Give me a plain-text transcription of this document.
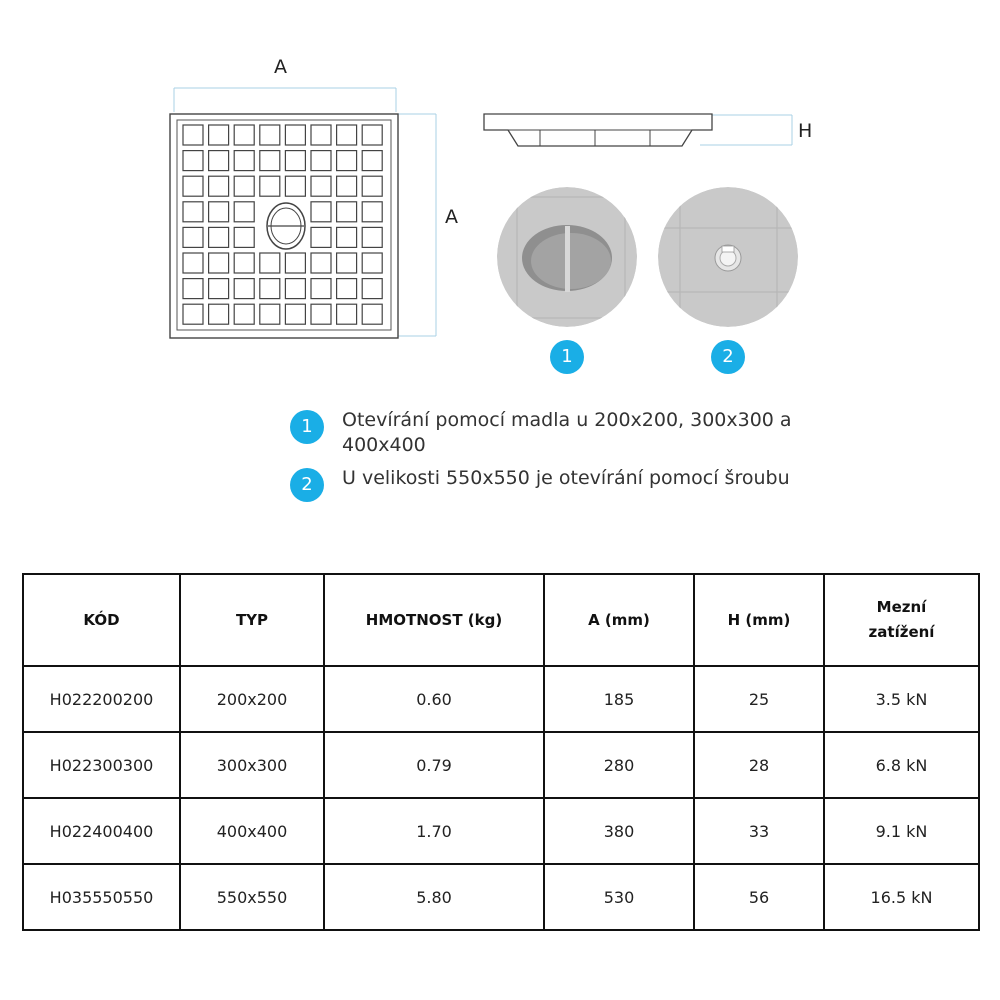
A
A
H
1	2
1	Otevírání pomocí madla u 200x200, 300x300 a 400x400
2	U velikosti 550x550 je otevírání pomocí šroubu
KÓD	TYP	HMOTNOST (kg)	A (mm)	H (mm)	Mezní zatížení
H022200200	200x200	0.60	185	25	3.5 kN
H022300300	300x300	0.79	280	28	6.8 kN
H022400400	400x400	1.70	380	33	9.1 kN
H035550550	550x550	5.80	530	56	16.5 kN
